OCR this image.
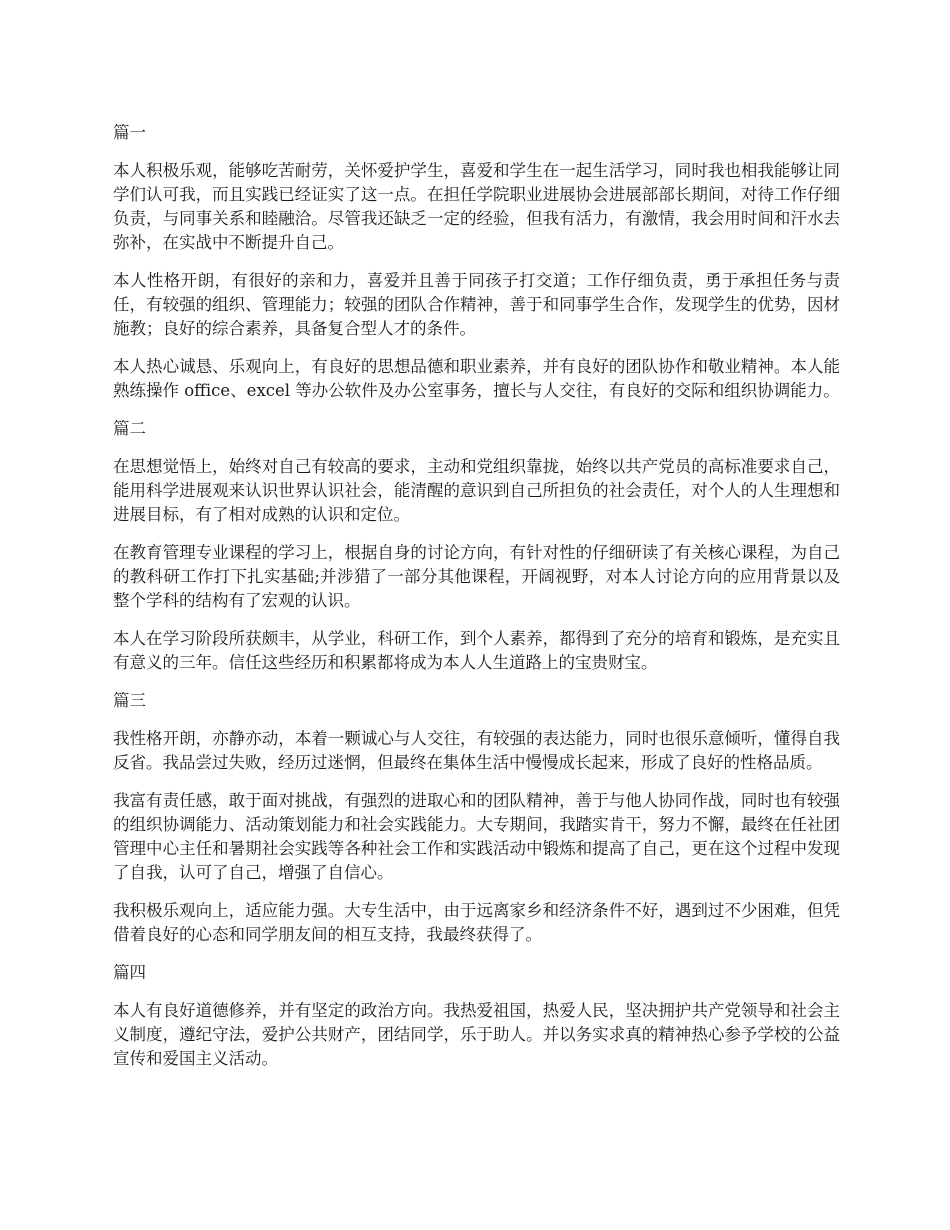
篇一

本人积极乐观，能够吃苦耐劳，关怀爱护学生，喜爱和学生在一起生活学习，同时我也相我能够让同学们认可我，而且实践已经证实了这一点。在担任学院职业进展协会进展部部长期间，对待工作仔细负责，与同事关系和睦融洽。尽管我还缺乏一定的经验，但我有活力，有激情，我会用时间和汗水去弥补，在实战中不断提升自己。

本人性格开朗，有很好的亲和力，喜爱并且善于同孩子打交道；工作仔细负责，勇于承担任务与责任，有较强的组织、管理能力；较强的团队合作精神，善于和同事学生合作，发现学生的优势，因材施教；良好的综合素养，具备复合型人才的条件。

本人热心诚恳、乐观向上，有良好的思想品德和职业素养，并有良好的团队协作和敬业精神。本人能熟练操作 office、excel 等办公软件及办公室事务，擅长与人交往，有良好的交际和组织协调能力。

篇二

在思想觉悟上，始终对自己有较高的要求，主动和党组织靠拢，始终以共产党员的高标准要求自己，能用科学进展观来认识世界认识社会，能清醒的意识到自己所担负的社会责任，对个人的人生理想和进展目标，有了相对成熟的认识和定位。

在教育管理专业课程的学习上，根据自身的讨论方向，有针对性的仔细研读了有关核心课程，为自己的教科研工作打下扎实基础;并涉猎了一部分其他课程，开阔视野，对本人讨论方向的应用背景以及整个学科的结构有了宏观的认识。

本人在学习阶段所获颇丰，从学业，科研工作，到个人素养，都得到了充分的培育和锻炼，是充实且有意义的三年。信任这些经历和积累都将成为本人人生道路上的宝贵财宝。

篇三

我性格开朗，亦静亦动，本着一颗诚心与人交往，有较强的表达能力，同时也很乐意倾听，懂得自我反省。我品尝过失败，经历过迷惘，但最终在集体生活中慢慢成长起来，形成了良好的性格品质。

我富有责任感，敢于面对挑战，有强烈的进取心和的团队精神，善于与他人协同作战，同时也有较强的组织协调能力、活动策划能力和社会实践能力。大专期间，我踏实肯干，努力不懈，最终在任社团管理中心主任和暑期社会实践等各种社会工作和实践活动中锻炼和提高了自己，更在这个过程中发现了自我，认可了自己，增强了自信心。

我积极乐观向上，适应能力强。大专生活中，由于远离家乡和经济条件不好，遇到过不少困难，但凭借着良好的心态和同学朋友间的相互支持，我最终获得了。

篇四

本人有良好道德修养，并有坚定的政治方向。我热爱祖国，热爱人民，坚决拥护共产党领导和社会主义制度，遵纪守法，爱护公共财产，团结同学，乐于助人。并以务实求真的精神热心参予学校的公益宣传和爱国主义活动。
